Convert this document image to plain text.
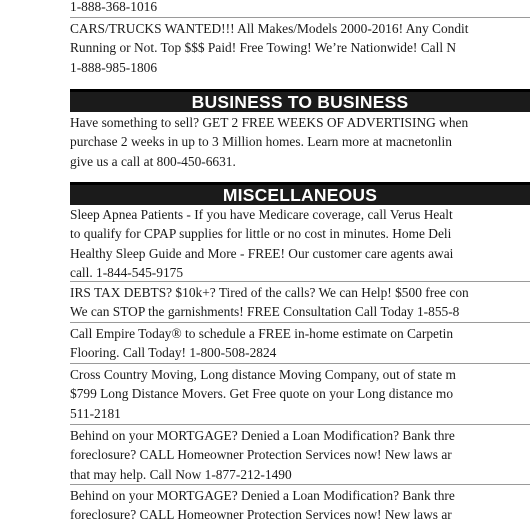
1-888-368-1016
CARS/TRUCKS WANTED!!! All Makes/Models 2000-2016! Any Condit
Running or Not. Top $$$ Paid! Free Towing! We’re Nationwide! Call N
1-888-985-1806
BUSINESS TO BUSINESS
Have something to sell? GET 2 FREE WEEKS OF ADVERTISING when
purchase 2 weeks in up to 3 Million homes. Learn more at macnetonlin
give us a call at 800-450-6631.
MISCELLANEOUS
Sleep Apnea Patients - If you have Medicare coverage, call Verus Healt
to qualify for CPAP supplies for little or no cost in minutes. Home Deli
Healthy Sleep Guide and More - FREE! Our customer care agents awai
call. 1-844-545-9175
IRS TAX DEBTS? $10k+? Tired of the calls? We can Help! $500 free con
We can STOP the garnishments! FREE Consultation Call Today 1-855-8
Call Empire Today® to schedule a FREE in-home estimate on Carpetin
Flooring. Call Today! 1-800-508-2824
Cross Country Moving, Long distance Moving Company, out of state m
$799 Long Distance Movers. Get Free quote on your Long distance mo
511-2181
Behind on your MORTGAGE? Denied a Loan Modification? Bank thre
foreclosure? CALL Homeowner Protection Services now! New laws ar
that may help. Call Now 1-877-212-1490
Behind on your MORTGAGE? Denied a Loan Modification? Bank thre
foreclosure? CALL Homeowner Protection Services now! New laws ar
